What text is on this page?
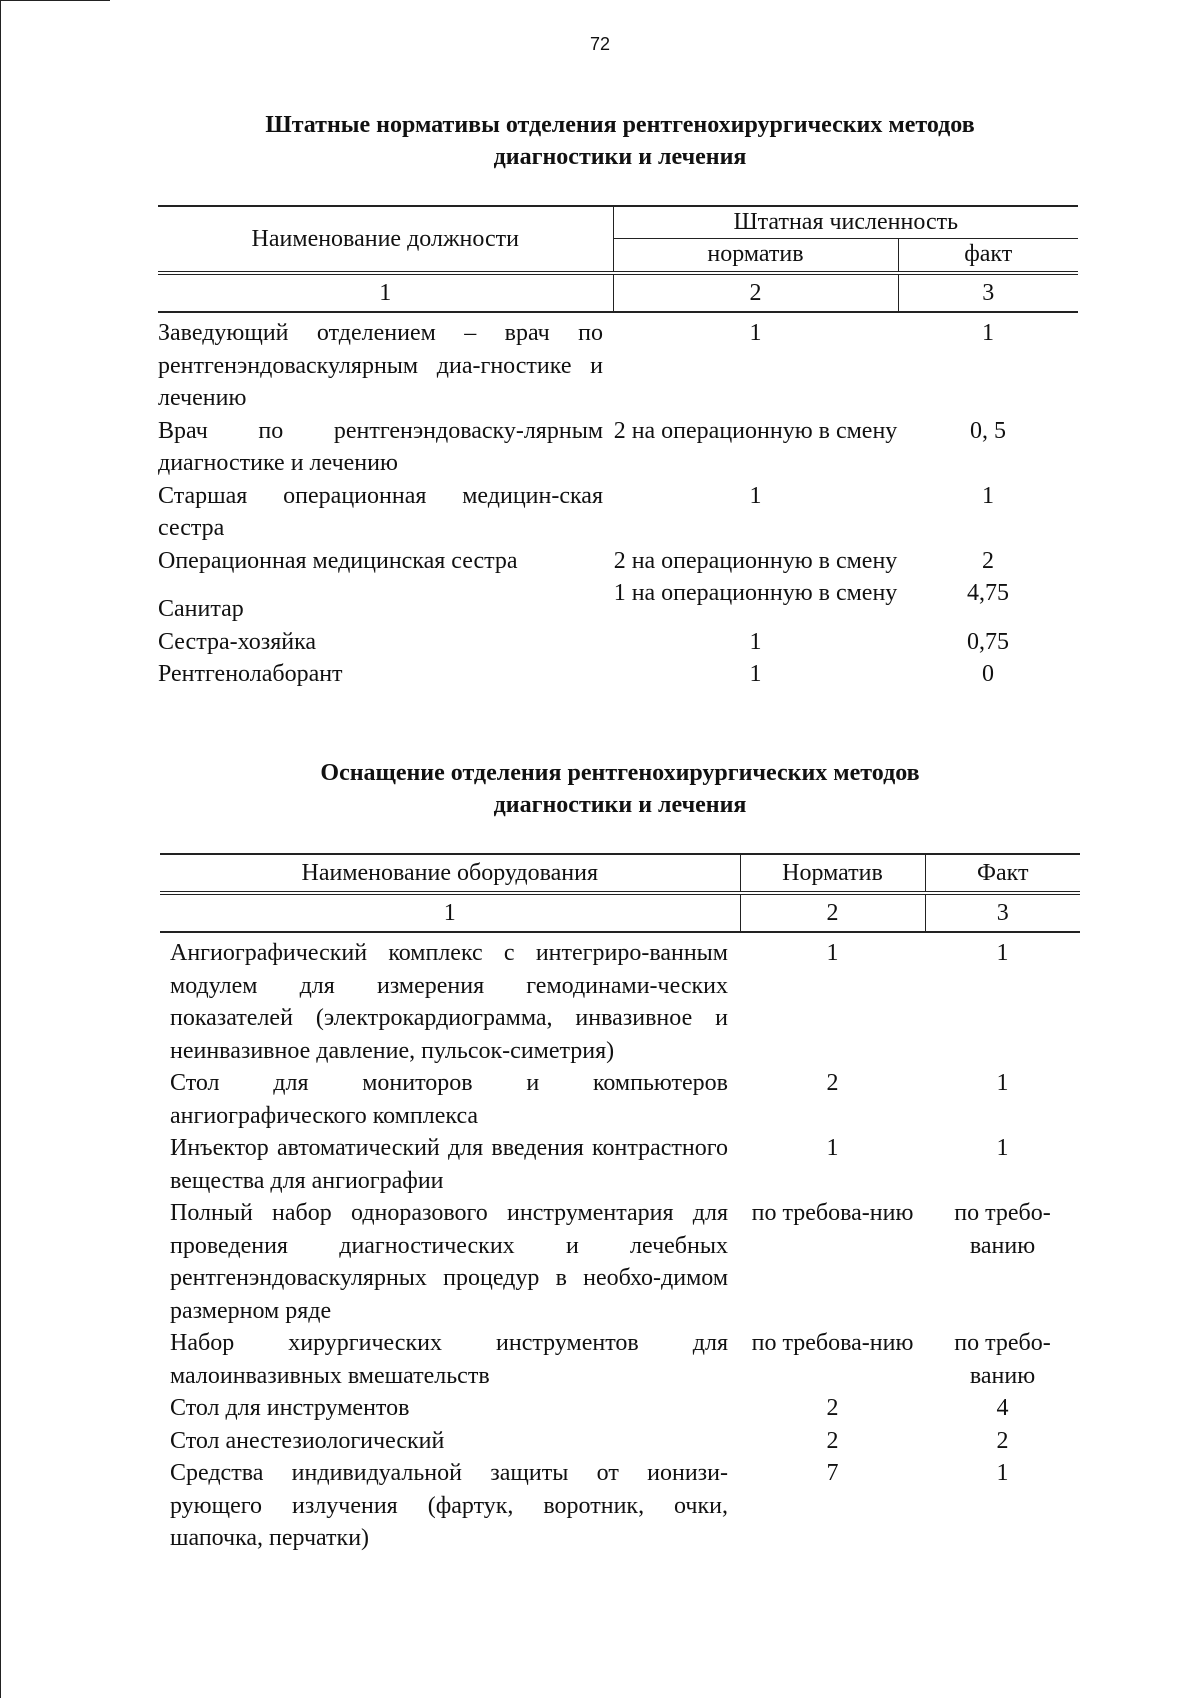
72
Штатные нормативы отделения рентгенохирургических методов
диагностики и лечения
Наименование должности	Штатная численность	
	норматив	факт
1	2	3
Заведующий отделением – врач по рентгенэндоваскулярным диа-гностике и лечению	1	1
Врач по рентгенэндоваску-лярным диагностике и лечению	2 на операционную в смену	0, 5
Старшая операционная медицин-ская сестра	1	1
Операционная медицинская сестра	2 на операционную в смену	2
Санитар	1 на операционную в смену	4,75
Сестра-хозяйка	1	0,75
Рентгенолаборант	1	0
Оснащение отделения рентгенохирургических методов
диагностики и лечения
Наименование оборудования	Норматив	Факт
1	2	3
Ангиографический комплекс с интегриро-ванным модулем для измерения гемодинами-ческих показателей (электрокардиограмма, инвазивное и неинвазивное давление, пульсок-симетрия)	1	1
Стол для мониторов и компьютеров ангиографического комплекса	2	1
Инъектор автоматический для введения контрастного вещества для ангиографии	1	1
Полный набор одноразового инструментария для проведения диагностических и лечебных рентгенэндоваскулярных процедур в необхо-димом размерном ряде	по требова-нию	по требо-ванию
Набор хирургических инструментов для малоинвазивных вмешательств	по требова-нию	по требо-ванию
Стол для инструментов	2	4
Стол анестезиологический	2	2
Средства индивидуальной защиты от ионизи-рующего излучения (фартук, воротник, очки, шапочка, перчатки)	7	1
